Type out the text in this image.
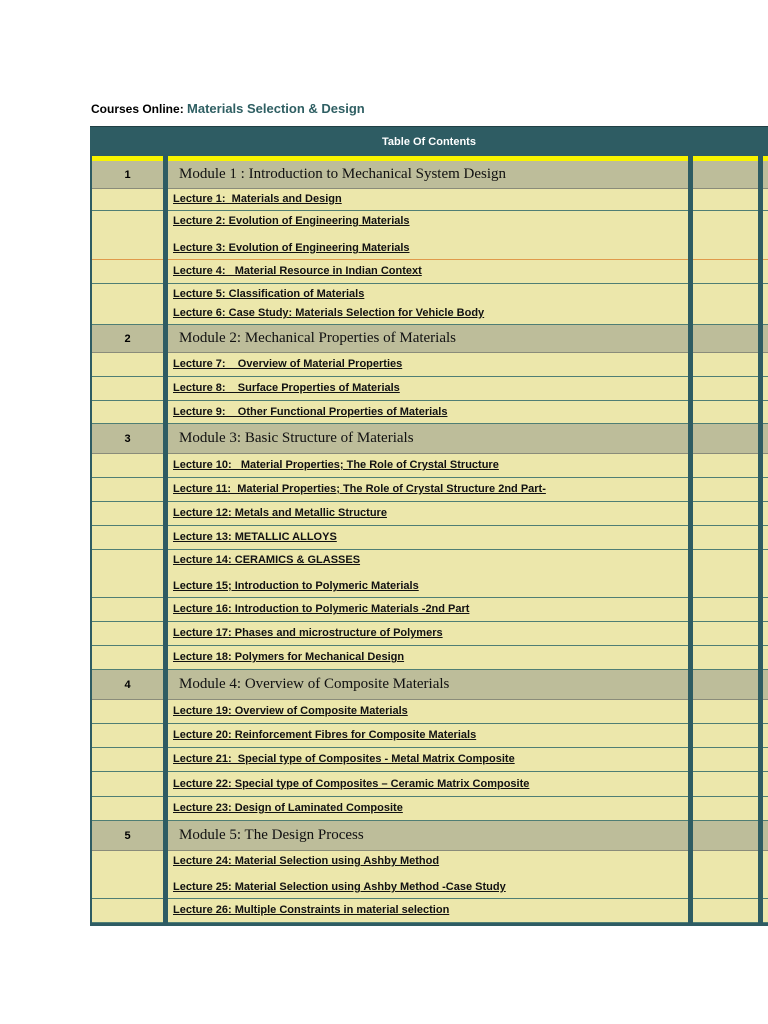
Courses Online: Materials Selection & Design
Table Of Contents
1	Module 1 : Introduction to Mechanical System Design
Lecture 1:  Materials and Design
Lecture 2: Evolution of Engineering Materials
Lecture 3: Evolution of Engineering Materials
Lecture 4:   Material Resource in Indian Context
Lecture 5: Classification of Materials
Lecture 6: Case Study: Materials Selection for Vehicle Body
2	Module 2: Mechanical Properties of Materials
Lecture 7:    Overview of Material Properties
Lecture 8:    Surface Properties of Materials
Lecture 9:    Other Functional Properties of Materials
3	Module 3: Basic Structure of Materials
Lecture 10:   Material Properties; The Role of Crystal Structure
Lecture 11:  Material Properties; The Role of Crystal Structure 2nd Part-
Lecture 12: Metals and Metallic Structure
Lecture 13: METALLIC ALLOYS
Lecture 14: CERAMICS & GLASSES
Lecture 15; Introduction to Polymeric Materials
Lecture 16: Introduction to Polymeric Materials -2nd Part
Lecture 17: Phases and microstructure of Polymers
Lecture 18: Polymers for Mechanical Design
4	Module 4: Overview of Composite Materials
Lecture 19: Overview of Composite Materials
Lecture 20: Reinforcement Fibres for Composite Materials
Lecture 21:  Special type of Composites - Metal Matrix Composite
Lecture 22: Special type of Composites – Ceramic Matrix Composite
Lecture 23: Design of Laminated Composite
5	Module 5: The Design Process
Lecture 24: Material Selection using Ashby Method
Lecture 25: Material Selection using Ashby Method -Case Study
Lecture 26: Multiple Constraints in material selection
